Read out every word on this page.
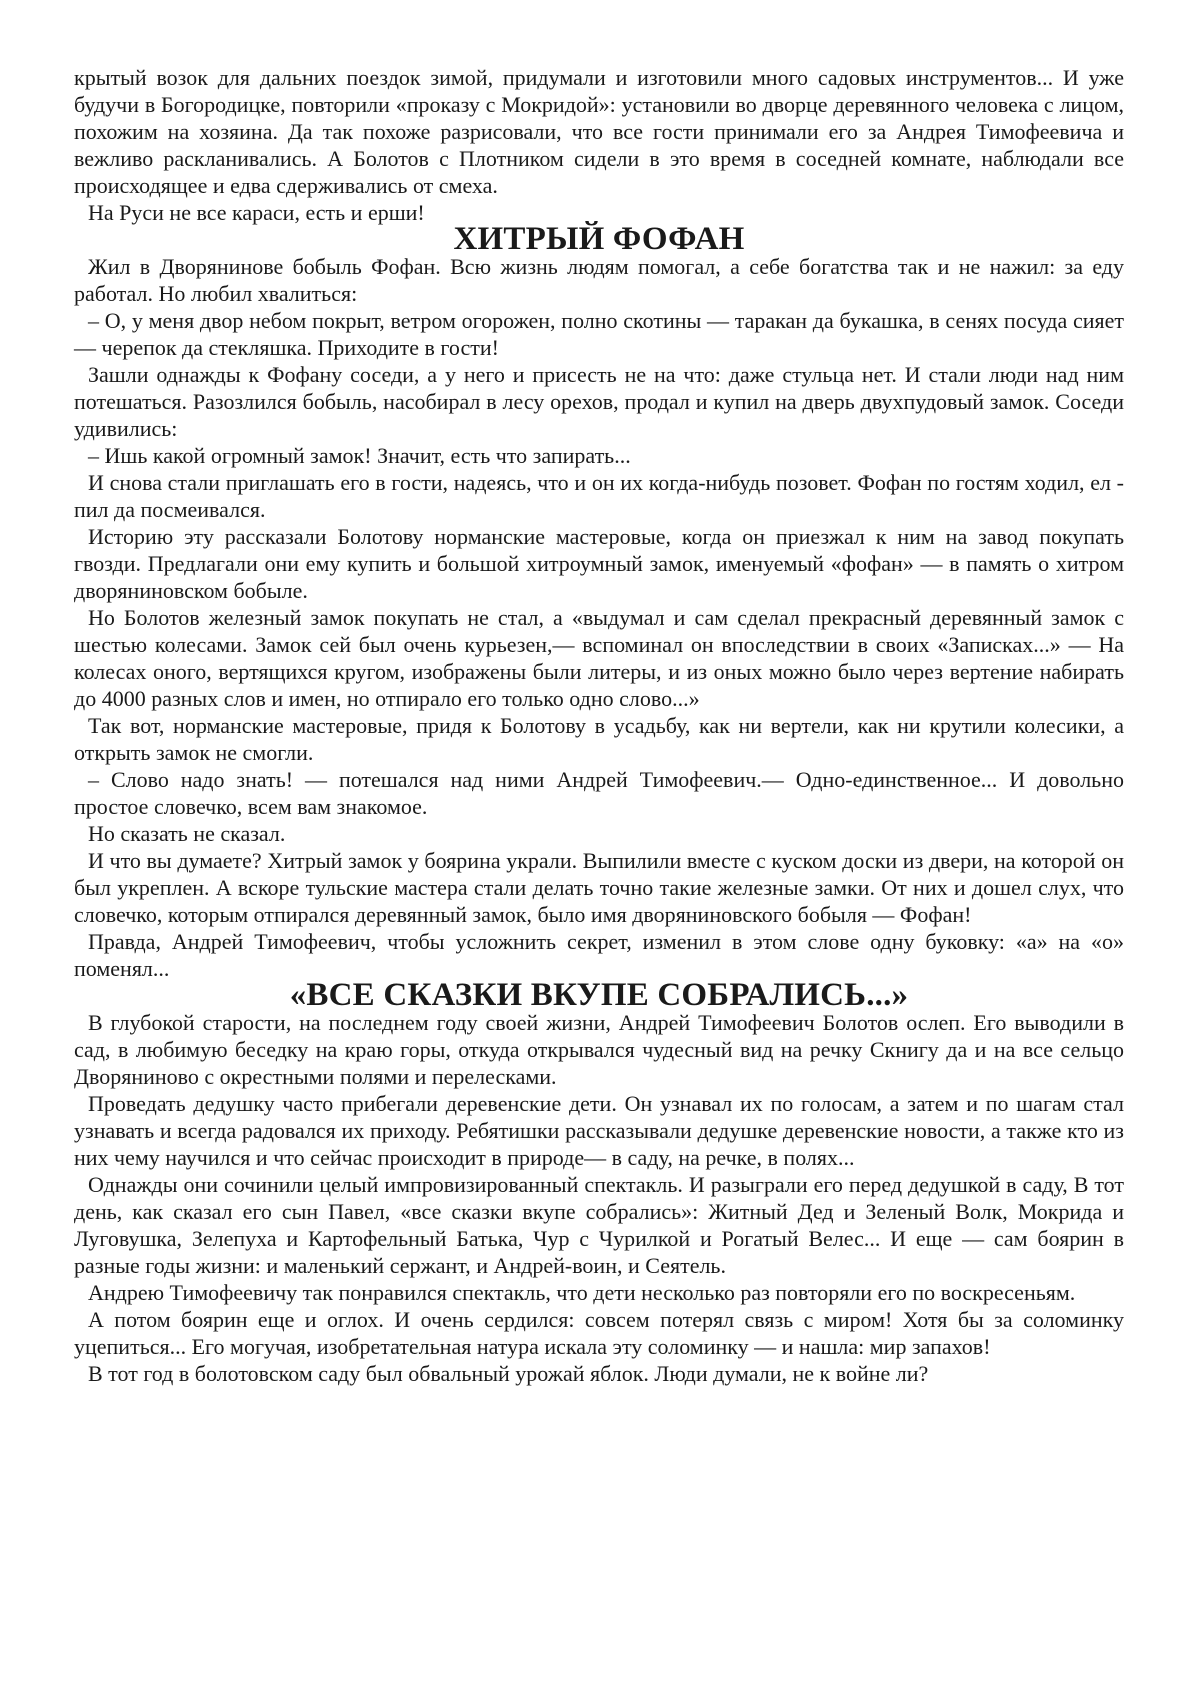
крытый возок для дальних поездок зимой, придумали и изготовили много садовых инструментов... И уже будучи в Богородицке, повторили «проказу с Мокридой»: установили во дворце деревянного человека с лицом, похожим на хозяина. Да так похоже разрисовали, что все гости принимали его за Андрея Тимофеевича и вежливо раскланивались. А Болотов с Плотником сидели в это время в соседней комнате, наблюдали все происходящее и едва сдерживались от смеха.

На Руси не все караси, есть и ерши!

ХИТРЫЙ ФОФАН

Жил в Дворянинове бобыль Фофан. Всю жизнь людям помогал, а себе богатства так и не нажил: за еду работал. Но любил хвалиться:

– О, у меня двор небом покрыт, ветром огорожен, полно скотины — таракан да букашка, в сенях посуда сияет — черепок да стекляшка. Приходите в гости!

Зашли однажды к Фофану соседи, а у него и присесть не на что: даже стульца нет. И стали люди над ним потешаться. Разозлился бобыль, насобирал в лесу орехов, продал и купил на дверь двухпудовый замок. Соседи удивились:

– Ишь какой огромный замок! Значит, есть что запирать...

И снова стали приглашать его в гости, надеясь, что и он их когда-нибудь позовет. Фофан по гостям ходил, ел - пил да посмеивался.

Историю эту рассказали Болотову норманские мастеровые, когда он приезжал к ним на завод покупать гвозди. Предлагали они ему купить и большой хитроумный замок, именуемый «фофан» — в память о хитром дворяниновском бобыле.

Но Болотов железный замок покупать не стал, а «выдумал и сам сделал прекрасный деревянный замок с шестью колесами. Замок сей был очень курьезен,— вспоминал он впоследствии в своих «Записках...» — На колесах оного, вертящихся кругом, изображены были литеры, и из оных можно было через вертение набирать до 4000 разных слов и имен, но отпирало его только одно слово...»

Так вот, норманские мастеровые, придя к Болотову в усадьбу, как ни вертели, как ни крутили колесики, а открыть замок не смогли.

– Слово надо знать! — потешался над ними Андрей Тимофеевич.— Одно-единственное... И довольно простое словечко, всем вам знакомое.

Но сказать не сказал.

И что вы думаете? Хитрый замок у боярина украли. Выпилили вместе с куском доски из двери, на которой он был укреплен. А вскоре тульские мастера стали делать точно такие железные замки. От них и дошел слух, что словечко, которым отпирался деревянный замок, было имя дворяниновского бобыля — Фофан!

Правда, Андрей Тимофеевич, чтобы усложнить секрет, изменил в этом слове одну буковку: «а» на «о» поменял...

«ВСЕ СКАЗКИ ВКУПЕ СОБРАЛИСЬ...»

В глубокой старости, на последнем году своей жизни, Андрей Тимофеевич Болотов ослеп. Его выводили в сад, в любимую беседку на краю горы, откуда открывался чудесный вид на речку Скнигу да и на все сельцо Дворяниново с окрестными полями и перелесками.

Проведать дедушку часто прибегали деревенские дети. Он узнавал их по голосам, а затем и по шагам стал узнавать и всегда радовался их приходу. Ребятишки рассказывали дедушке деревенские новости, а также кто из них чему научился и что сейчас происходит в природе— в саду, на речке, в полях...

Однажды они сочинили целый импровизированный спектакль. И разыграли его перед дедушкой в саду, В тот день, как сказал его сын Павел, «все сказки вкупе собрались»: Житный Дед и Зеленый Волк, Мокрида и Луговушка, Зелепуха и Картофельный Батька, Чур с Чурилкой и Рогатый Велес... И еще — сам боярин в разные годы жизни: и маленький сержант, и Андрей-воин, и Сеятель.

Андрею Тимофеевичу так понравился спектакль, что дети несколько раз повторяли его по воскресеньям.

А потом боярин еще и оглох. И очень сердился: совсем потерял связь с миром! Хотя бы за соломинку уцепиться... Его могучая, изобретательная натура искала эту соломинку — и нашла: мир запахов!

В тот год в болотовском саду был обвальный урожай яблок. Люди думали, не к войне ли?
